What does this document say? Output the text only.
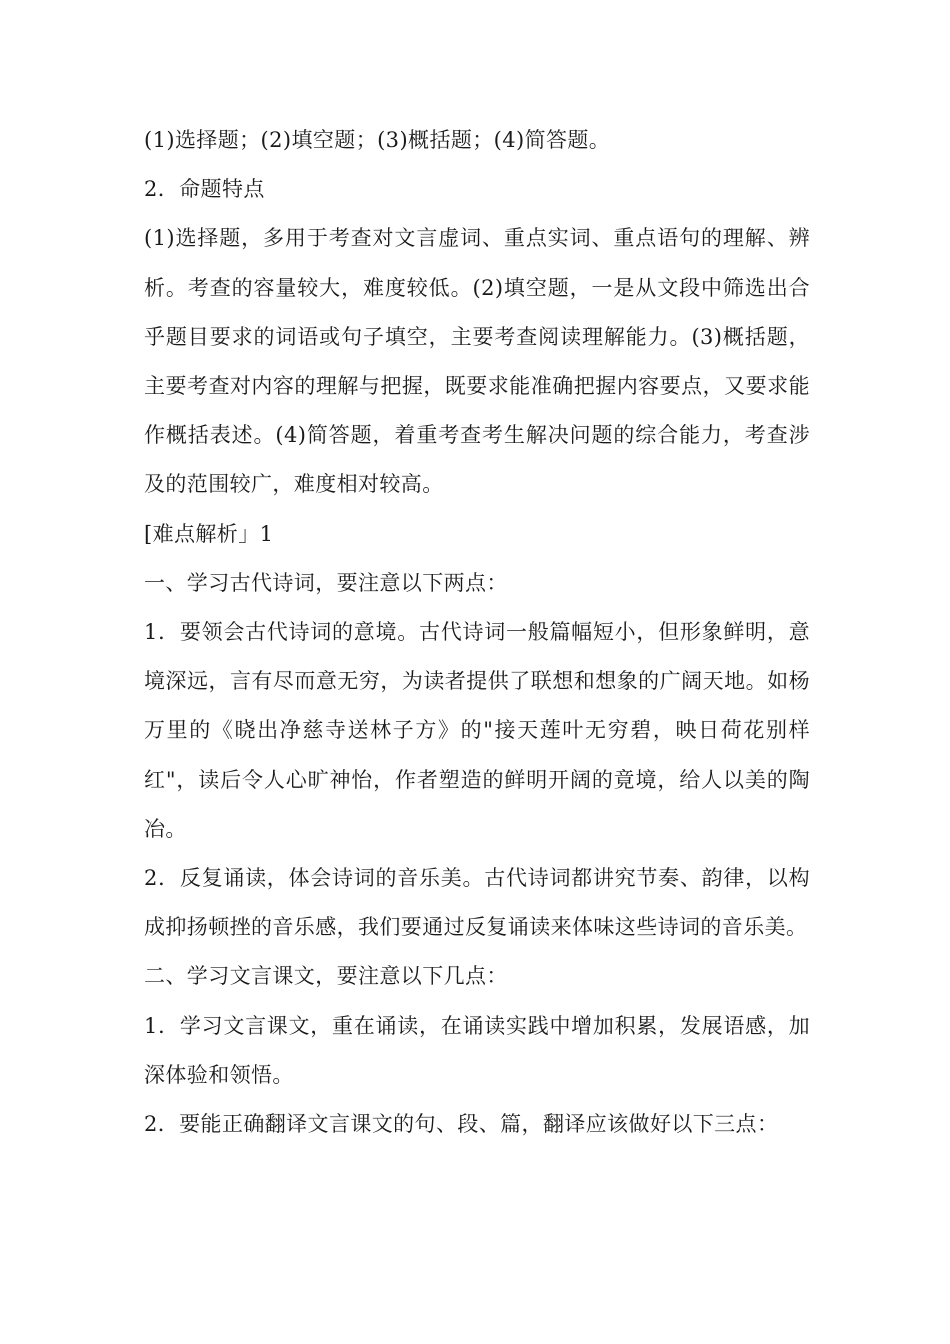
(1)选择题；(2)填空题；(3)概括题；(4)简答题。

2．命题特点

(1)选择题，多用于考查对文言虚词、重点实词、重点语句的理解、辨析。考查的容量较大，难度较低。(2)填空题，一是从文段中筛选出合乎题目要求的词语或句子填空，主要考查阅读理解能力。(3)概括题，主要考查对内容的理解与把握，既要求能准确把握内容要点，又要求能作概括表述。(4)简答题，着重考查考生解决问题的综合能力，考查涉及的范围较广，难度相对较高。

[难点解析」1

一、学习古代诗词，要注意以下两点：

1．要领会古代诗词的意境。古代诗词一般篇幅短小，但形象鲜明，意境深远，言有尽而意无穷，为读者提供了联想和想象的广阔天地。如杨万里的《晓出净慈寺送林子方》的"接天莲叶无穷碧，映日荷花别样红"，读后令人心旷神怡，作者塑造的鲜明开阔的竟境，给人以美的陶冶。

2．反复诵读，体会诗词的音乐美。古代诗词都讲究节奏、韵律，以构成抑扬顿挫的音乐感，我们要通过反复诵读来体味这些诗词的音乐美。

二、学习文言课文，要注意以下几点：

1．学习文言课文，重在诵读，在诵读实践中增加积累，发展语感，加深体验和领悟。

2．要能正确翻译文言课文的句、段、篇，翻译应该做好以下三点：
